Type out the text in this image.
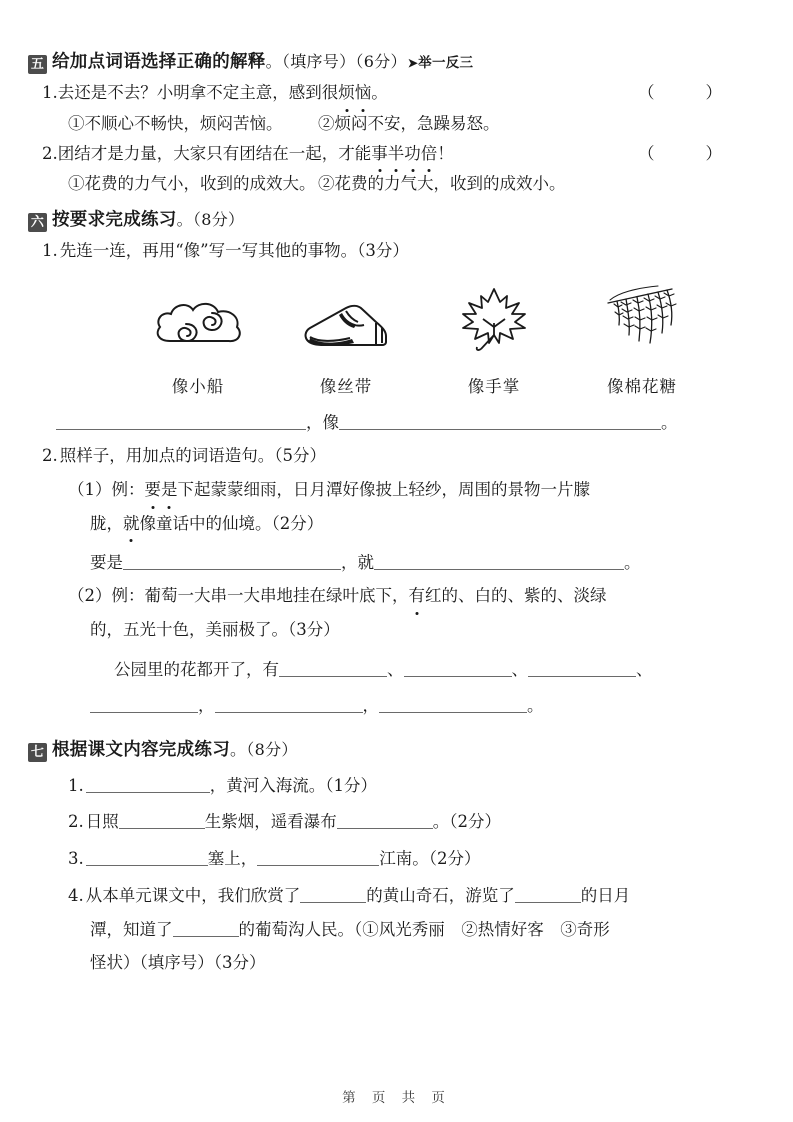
五 给加点词语选择正确的解释 。（填序号）（6分） ➤举一反三
1. 去还是不去？小明拿不定主意，感到很烦恼。	（　　）
①不顺心不畅快，烦闷苦恼。	②烦闷不安，急躁易怒。
2. 团结才是力量，大家只有团结在一起，才能事半功倍！	（　　）
①花费的力气小，收到的成效大。 ②花费的力气大，收到的成效小。
六 按要求完成练习 。（8分）
1. 先连一连，再用“像”写一写其他的事物。（3分）
像小船	像丝带	像手掌	像棉花糖
，像	。
2. 照样子，用加点的词语造句。（5分）
（1）例：要是下起蒙蒙细雨，日月潭好像披上轻纱，周围的景物一片朦
胧，就像童话中的仙境。（2分）
要是	，就	。
（2）例：葡萄一大串一大串地挂在绿叶底下，有红的、白的、紫的、淡绿
的，五光十色，美丽极了。（3分）
公园里的花都开了，有	、	、	、
，	，	。
七 根据课文内容完成练习 。（8分）
1.	，黄河入海流。（1分）
2. 日照	生紫烟，遥看瀑布	。（2分）
3.	塞上，	江南。（2分）
4. 从本单元课文中，我们欣赏了	的黄山奇石，游览了	的日月
潭，知道了	的葡萄沟人民。（①风光秀丽　②热情好客　③奇形
怪状）（填序号）（3分）
第 页 共 页
